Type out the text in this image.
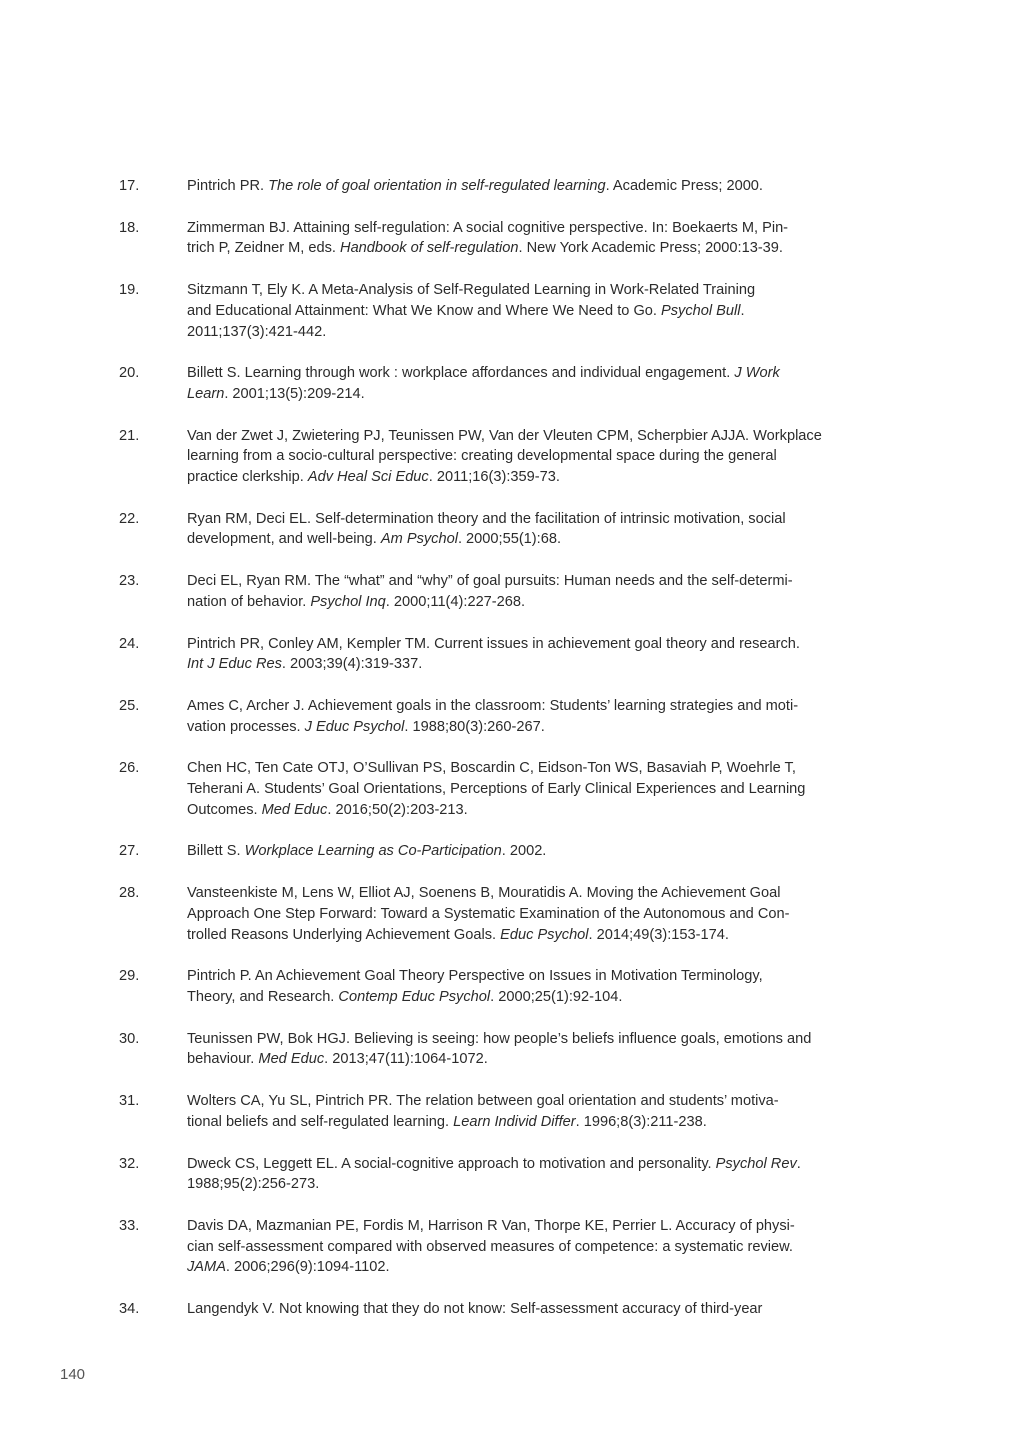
17.	Pintrich PR. The role of goal orientation in self-regulated learning. Academic Press; 2000.
18.	Zimmerman BJ. Attaining self-regulation: A social cognitive perspective. In: Boekaerts M, Pin-
trich P, Zeidner M, eds. Handbook of self-regulation. New York Academic Press; 2000:13-39.
19.	Sitzmann T, Ely K. A Meta-Analysis of Self-Regulated Learning in Work-Related Training
and Educational Attainment: What We Know and Where We Need to Go. Psychol Bull.
2011;137(3):421-442.
20.	Billett S. Learning through work : workplace affordances and individual engagement. J Work
Learn. 2001;13(5):209-214.
21.	Van der Zwet J, Zwietering PJ, Teunissen PW, Van der Vleuten CPM, Scherpbier AJJA. Workplace
learning from a socio-cultural perspective: creating developmental space during the general
practice clerkship. Adv Heal Sci Educ. 2011;16(3):359-73.
22.	Ryan RM, Deci EL. Self-determination theory and the facilitation of intrinsic motivation, social
development, and well-being. Am Psychol. 2000;55(1):68.
23.	Deci EL, Ryan RM. The “what” and “why” of goal pursuits: Human needs and the self-determi-
nation of behavior. Psychol Inq. 2000;11(4):227-268.
24.	Pintrich PR, Conley AM, Kempler TM. Current issues in achievement goal theory and research.
Int J Educ Res. 2003;39(4):319-337.
25.	Ames C, Archer J. Achievement goals in the classroom: Students’ learning strategies and moti-
vation processes. J Educ Psychol. 1988;80(3):260-267.
26.	Chen HC, Ten Cate OTJ, O’Sullivan PS, Boscardin C, Eidson-Ton WS, Basaviah P, Woehrle T,
Teherani A. Students’ Goal Orientations, Perceptions of Early Clinical Experiences and Learning
Outcomes. Med Educ. 2016;50(2):203-213.
27.	Billett S. Workplace Learning as Co-Participation. 2002.
28.	Vansteenkiste M, Lens W, Elliot AJ, Soenens B, Mouratidis A. Moving the Achievement Goal
Approach One Step Forward: Toward a Systematic Examination of the Autonomous and Con-
trolled Reasons Underlying Achievement Goals. Educ Psychol. 2014;49(3):153-174.
29.	Pintrich P. An Achievement Goal Theory Perspective on Issues in Motivation Terminology,
Theory, and Research. Contemp Educ Psychol. 2000;25(1):92-104.
30.	Teunissen PW, Bok HGJ. Believing is seeing: how people’s beliefs influence goals, emotions and
behaviour. Med Educ. 2013;47(11):1064-1072.
31.	Wolters CA, Yu SL, Pintrich PR. The relation between goal orientation and students’ motiva-
tional beliefs and self-regulated learning. Learn Individ Differ. 1996;8(3):211-238.
32.	Dweck CS, Leggett EL. A social-cognitive approach to motivation and personality. Psychol Rev.
1988;95(2):256-273.
33.	Davis DA, Mazmanian PE, Fordis M, Harrison R Van, Thorpe KE, Perrier L. Accuracy of physi-
cian self-assessment compared with observed measures of competence: a systematic review.
JAMA. 2006;296(9):1094-1102.
34.	Langendyk V. Not knowing that they do not know: Self-assessment accuracy of third-year
140
